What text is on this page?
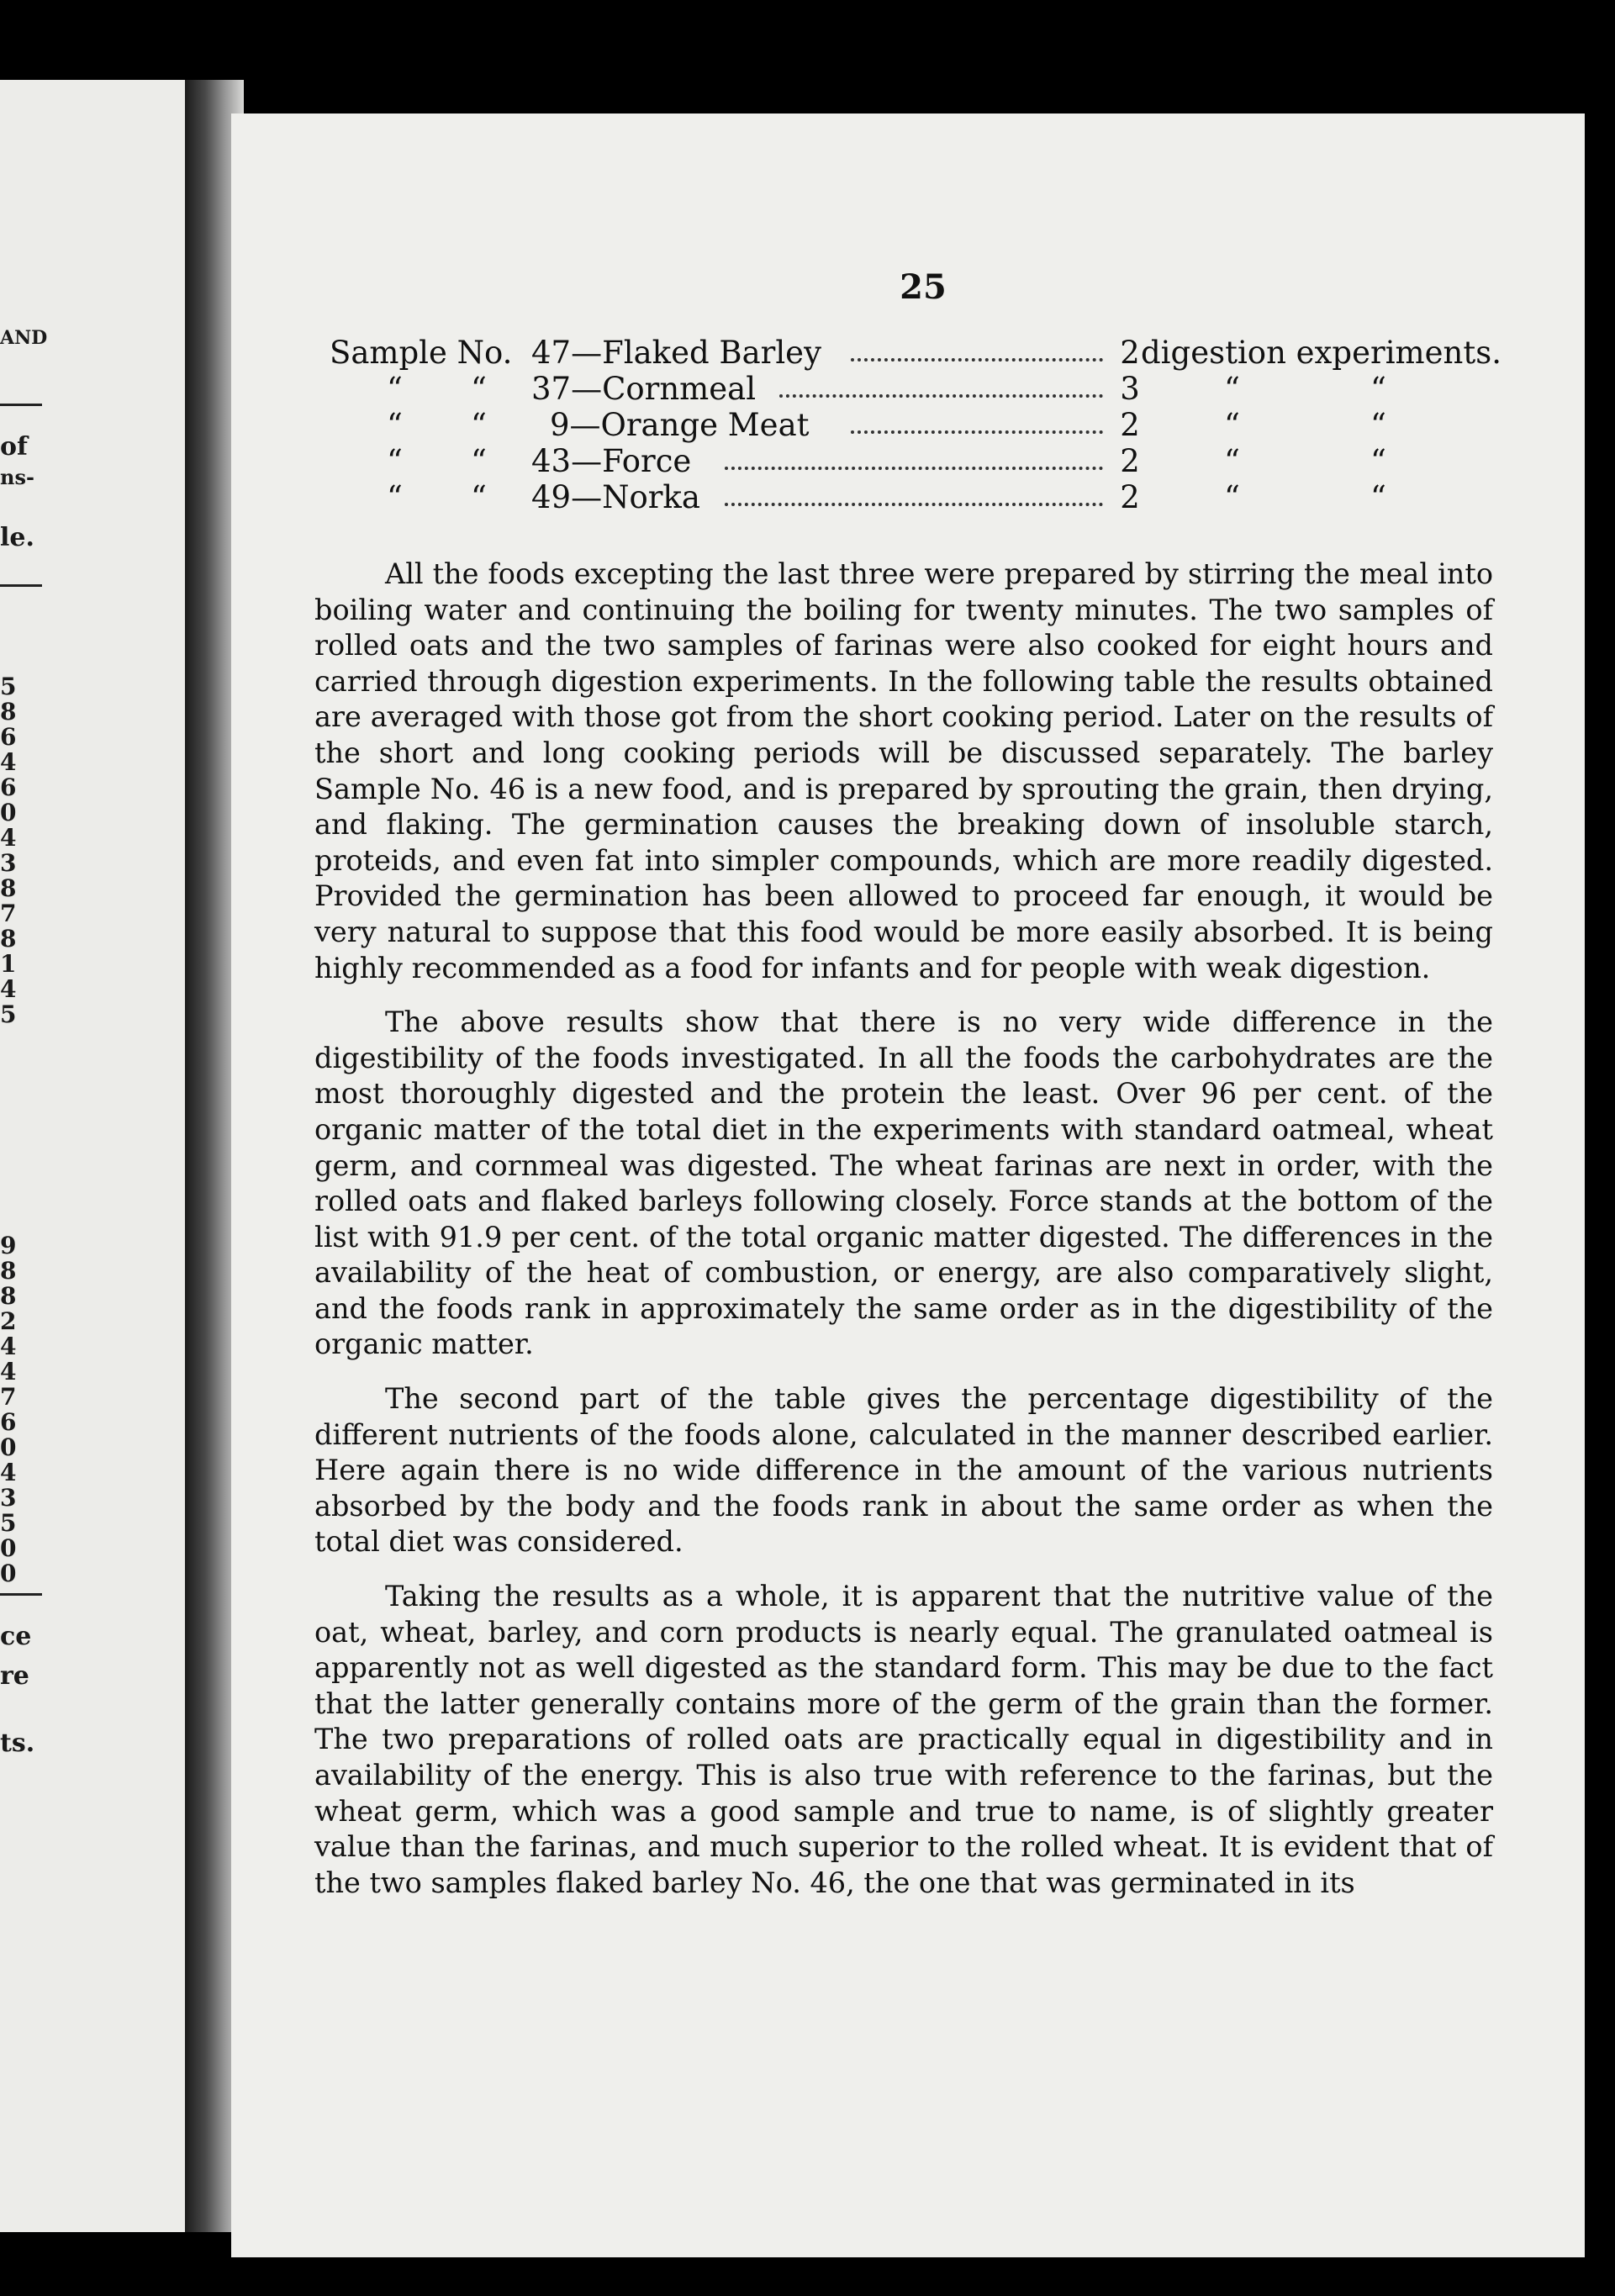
AND
of
ns-
le.
5
8
6
4
6
0
4
3
8
7
8
1
4
5
9
8
8
2
4
4
7
6
0
4
3
5
0
0
ce
re
ts.
25
Sample No. 47—Flaked Barley	2 digestion experiments.
“ “ 37—Cornmeal	3	“	“
“ “ 9—Orange Meat	2	“	“
“ “ 43—Force	2	“	“
“ “ 49—Norka	2	“	“

All the foods excepting the last three were prepared by stirring the meal into boiling water and continuing the boiling for twenty minutes. The two samples of rolled oats and the two samples of farinas were also cooked for eight hours and carried through digestion experiments. In the following table the results obtained are averaged with those got from the short cooking period. Later on the results of the short and long cooking periods will be discussed separately. The barley Sample No. 46 is a new food, and is prepared by sprouting the grain, then drying, and flaking. The germination causes the breaking down of insoluble starch, proteids, and even fat into simpler compounds, which are more readily digested. Provided the germination has been allowed to proceed far enough, it would be very natural to suppose that this food would be more easily absorbed. It is being highly recommended as a food for infants and for people with weak digestion.

The above results show that there is no very wide difference in the digestibility of the foods investigated. In all the foods the carbohydrates are the most thoroughly digested and the protein the least. Over 96 per cent. of the organic matter of the total diet in the experiments with standard oatmeal, wheat germ, and cornmeal was digested. The wheat farinas are next in order, with the rolled oats and flaked barleys following closely. Force stands at the bottom of the list with 91.9 per cent. of the total organic matter digested. The differences in the availability of the heat of combustion, or energy, are also comparatively slight, and the foods rank in approximately the same order as in the digestibility of the organic matter.

The second part of the table gives the percentage digestibility of the different nutrients of the foods alone, calculated in the manner described earlier. Here again there is no wide difference in the amount of the various nutrients absorbed by the body and the foods rank in about the same order as when the total diet was considered.

Taking the results as a whole, it is apparent that the nutritive value of the oat, wheat, barley, and corn products is nearly equal. The granulated oatmeal is apparently not as well digested as the standard form. This may be due to the fact that the latter generally contains more of the germ of the grain than the former. The two preparations of rolled oats are practically equal in digestibility and in availability of the energy. This is also true with reference to the farinas, but the wheat germ, which was a good sample and true to name, is of slightly greater value than the farinas, and much superior to the rolled wheat. It is evident that of the two samples flaked barley No. 46, the one that was germinated in its
